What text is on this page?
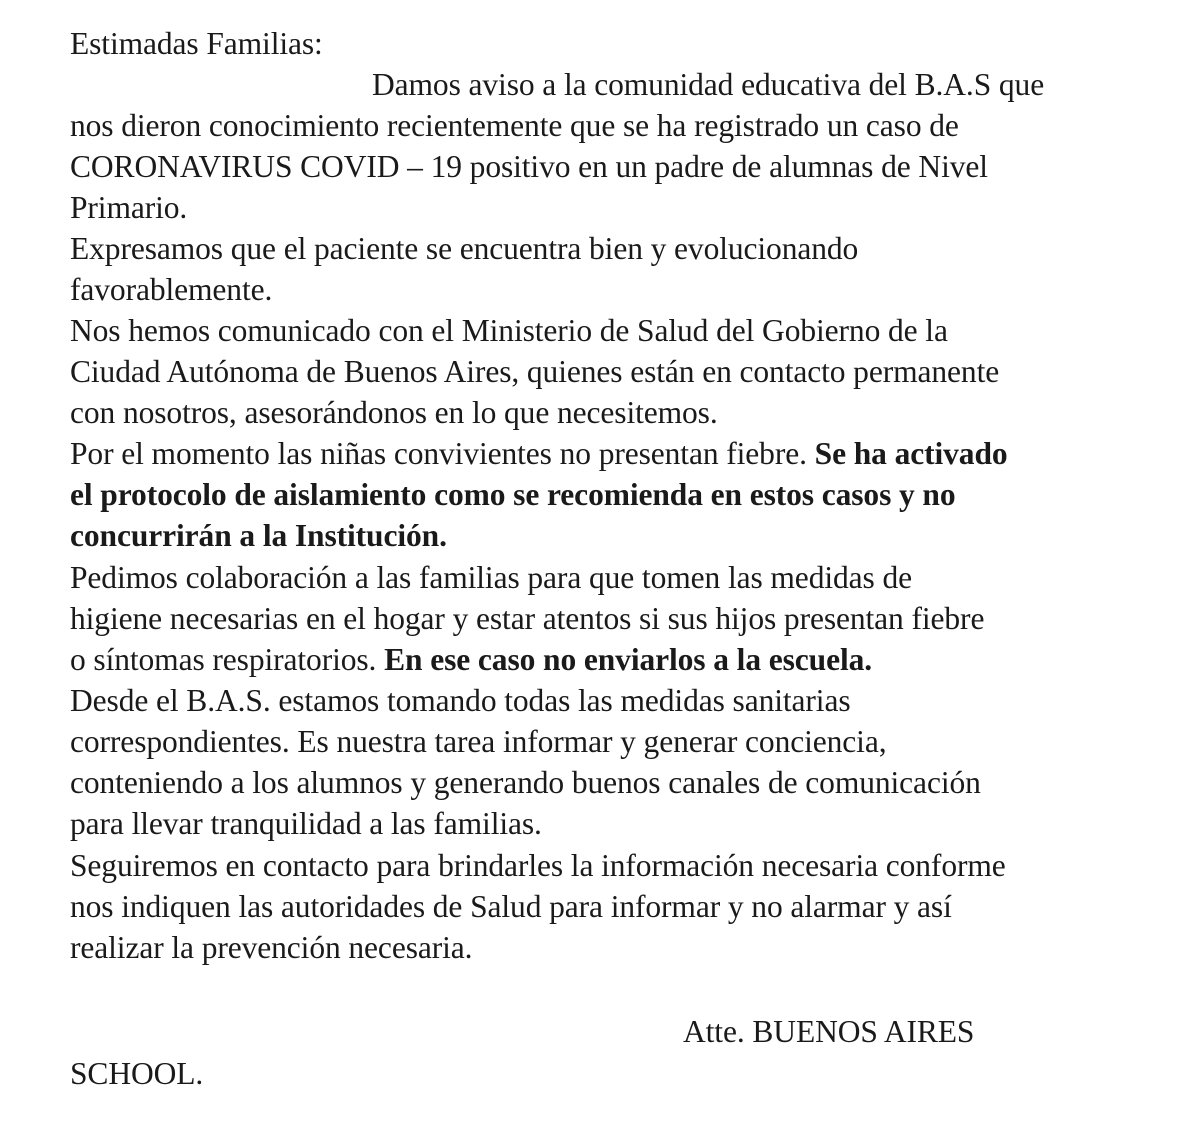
Estimadas Familias:
Damos aviso a la comunidad educativa del B.A.S que
nos dieron conocimiento recientemente que se ha registrado un caso de
CORONAVIRUS COVID – 19 positivo en un padre de alumnas de Nivel
Primario.
Expresamos que el paciente se encuentra bien y evolucionando
favorablemente.
Nos hemos comunicado con el Ministerio de Salud del Gobierno de la
Ciudad Autónoma de Buenos Aires, quienes están en contacto permanente
con nosotros, asesorándonos en lo que necesitemos.
Por el momento las niñas convivientes no presentan fiebre. Se ha activado
el protocolo de aislamiento como se recomienda en estos casos y no
concurrirán a la Institución.
Pedimos colaboración a las familias para que tomen las medidas de
higiene necesarias en el hogar y estar atentos si sus hijos presentan fiebre
o síntomas respiratorios. En ese caso no enviarlos a la escuela.
Desde el B.A.S. estamos tomando todas las medidas sanitarias
correspondientes. Es nuestra tarea informar y generar conciencia,
conteniendo a los alumnos y generando buenos canales de comunicación
para llevar tranquilidad a las familias.
Seguiremos en contacto para brindarles la información necesaria conforme
nos indiquen las autoridades de Salud para informar y no alarmar y así
realizar la prevención necesaria.
Atte. BUENOS AIRES
SCHOOL.
